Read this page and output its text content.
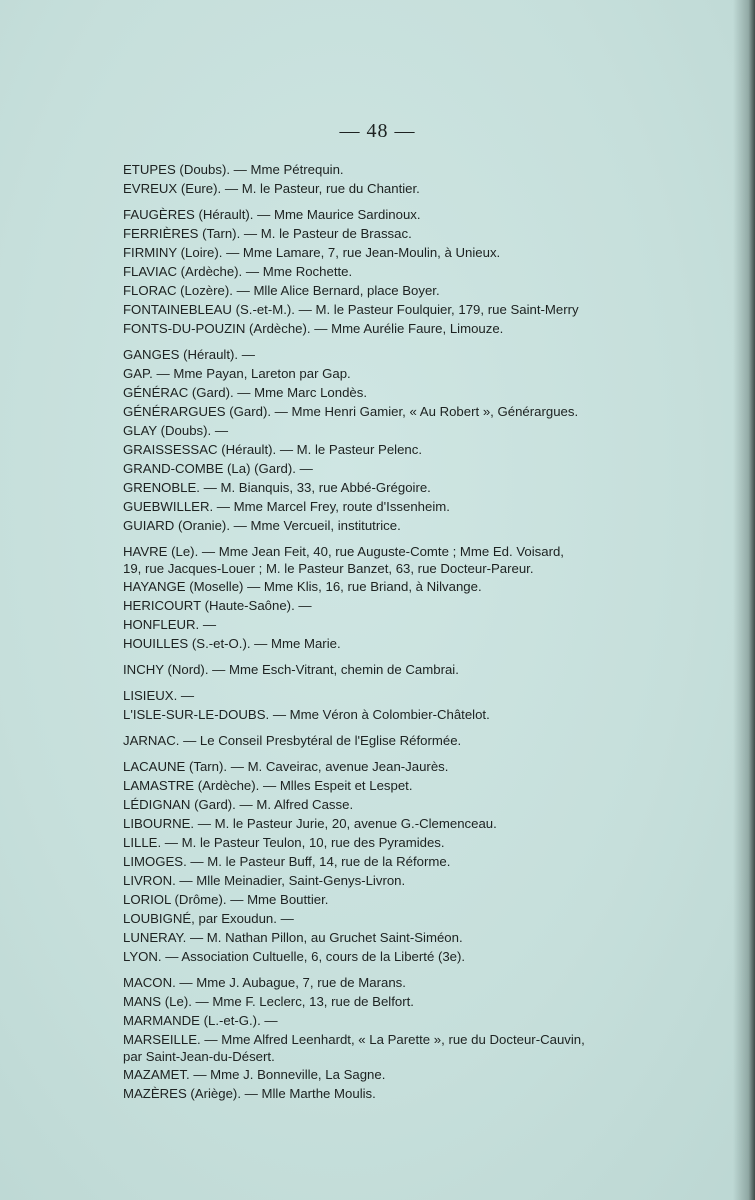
— 48 —
ETUPES (Doubs). — Mme Pétrequin.
EVREUX (Eure). — M. le Pasteur, rue du Chantier.
FAUGÈRES (Hérault). — Mme Maurice Sardinoux.
FERRIÈRES (Tarn). — M. le Pasteur de Brassac.
FIRMINY (Loire). — Mme Lamare, 7, rue Jean-Moulin, à Unieux.
FLAVIAC (Ardèche). — Mme Rochette.
FLORAC (Lozère). — Mlle Alice Bernard, place Boyer.
FONTAINEBLEAU (S.-et-M.). — M. le Pasteur Foulquier, 179, rue Saint-Merry
FONTS-DU-POUZIN (Ardèche). — Mme Aurélie Faure, Limouze.
GANGES (Hérault). —
GAP. — Mme Payan, Lareton par Gap.
GÉNÉRAC (Gard). — Mme Marc Londès.
GÉNÉRARGUES (Gard). — Mme Henri Gamier, « Au Robert », Générargues.
GLAY (Doubs). —
GRAISSESSAC (Hérault). — M. le Pasteur Pelenc.
GRAND-COMBE (La) (Gard). —
GRENOBLE. — M. Bianquis, 33, rue Abbé-Grégoire.
GUEBWILLER. — Mme Marcel Frey, route d'Issenheim.
GUIARD (Oranie). — Mme Vercueil, institutrice.
HAVRE (Le). — Mme Jean Feit, 40, rue Auguste-Comte ; Mme Ed. Voisard,
19, rue Jacques-Louer ; M. le Pasteur Banzet, 63, rue Docteur-Pareur.
HAYANGE (Moselle) — Mme Klis, 16, rue Briand, à Nilvange.
HERICOURT (Haute-Saône). —
HONFLEUR. —
HOUILLES (S.-et-O.). — Mme Marie.
INCHY (Nord). — Mme Esch-Vitrant, chemin de Cambrai.
LISIEUX. —
L'ISLE-SUR-LE-DOUBS. — Mme Véron à Colombier-Châtelot.
JARNAC. — Le Conseil Presbytéral de l'Eglise Réformée.
LACAUNE (Tarn). — M. Caveirac, avenue Jean-Jaurès.
LAMASTRE (Ardèche). — Mlles Espeit et Lespet.
LÉDIGNAN (Gard). — M. Alfred Casse.
LIBOURNE. — M. le Pasteur Jurie, 20, avenue G.-Clemenceau.
LILLE. — M. le Pasteur Teulon, 10, rue des Pyramides.
LIMOGES. — M. le Pasteur Buff, 14, rue de la Réforme.
LIVRON. — Mlle Meinadier, Saint-Genys-Livron.
LORIOL (Drôme). — Mme Bouttier.
LOUBIGNÉ, par Exoudun. —
LUNERAY. — M. Nathan Pillon, au Gruchet Saint-Siméon.
LYON. — Association Cultuelle, 6, cours de la Liberté (3e).
MACON. — Mme J. Aubague, 7, rue de Marans.
MANS (Le). — Mme F. Leclerc, 13, rue de Belfort.
MARMANDE (L.-et-G.). —
MARSEILLE. — Mme Alfred Leenhardt, « La Parette », rue du Docteur-Cauvin,
par Saint-Jean-du-Désert.
MAZAMET. — Mme J. Bonneville, La Sagne.
MAZÈRES (Ariège). — Mlle Marthe Moulis.
